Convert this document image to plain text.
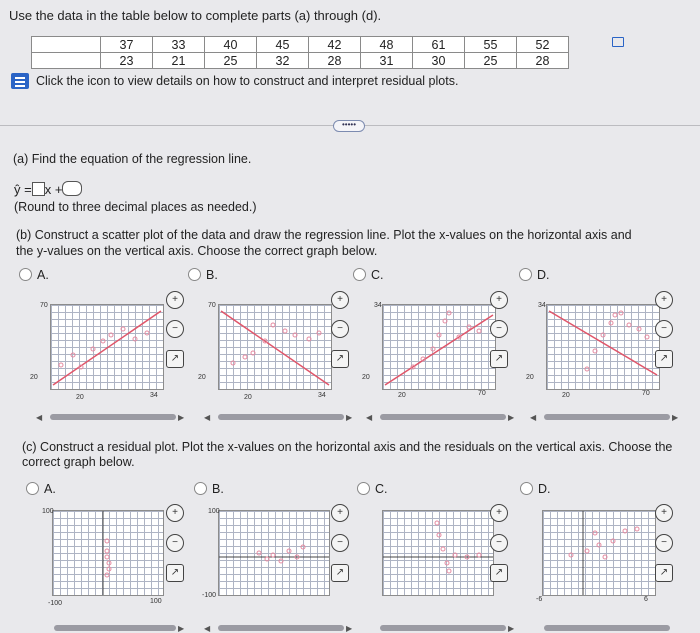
Use the data in the table below to complete parts (a) through (d).
x	37	33	40	45	42	48	61	55	52
y	23	21	25	32	28	31	30	25	28
Click the icon to view details on how to construct and interpret residual plots.
•••••
(a) Find the equation of the regression line.
ŷ = x +
(Round to three decimal places as needed.)
(b) Construct a scatter plot of the data and draw the regression line. Plot the x-values on the horizontal axis and
the y-values on the vertical axis. Choose the correct graph below.
A.	B.	C.	D.
70
20
20	34
70
20
20	34
34
20
20	70
34
20
20	70
+
−
↗
+
−
↗
+
−
↗
+
−
↗
◀	▶ ◀	▶ ◀	▶ ◀	▶
(c) Construct a residual plot. Plot the x-values on the horizontal axis and the residuals on the vertical axis. Choose the
correct graph below.
A.	B.	C.	D.
100
-100	100
100
-100
-6	6
+
−
↗
+
−
↗
+
−
↗
+
−
↗
▶ ◀	▶	▶
